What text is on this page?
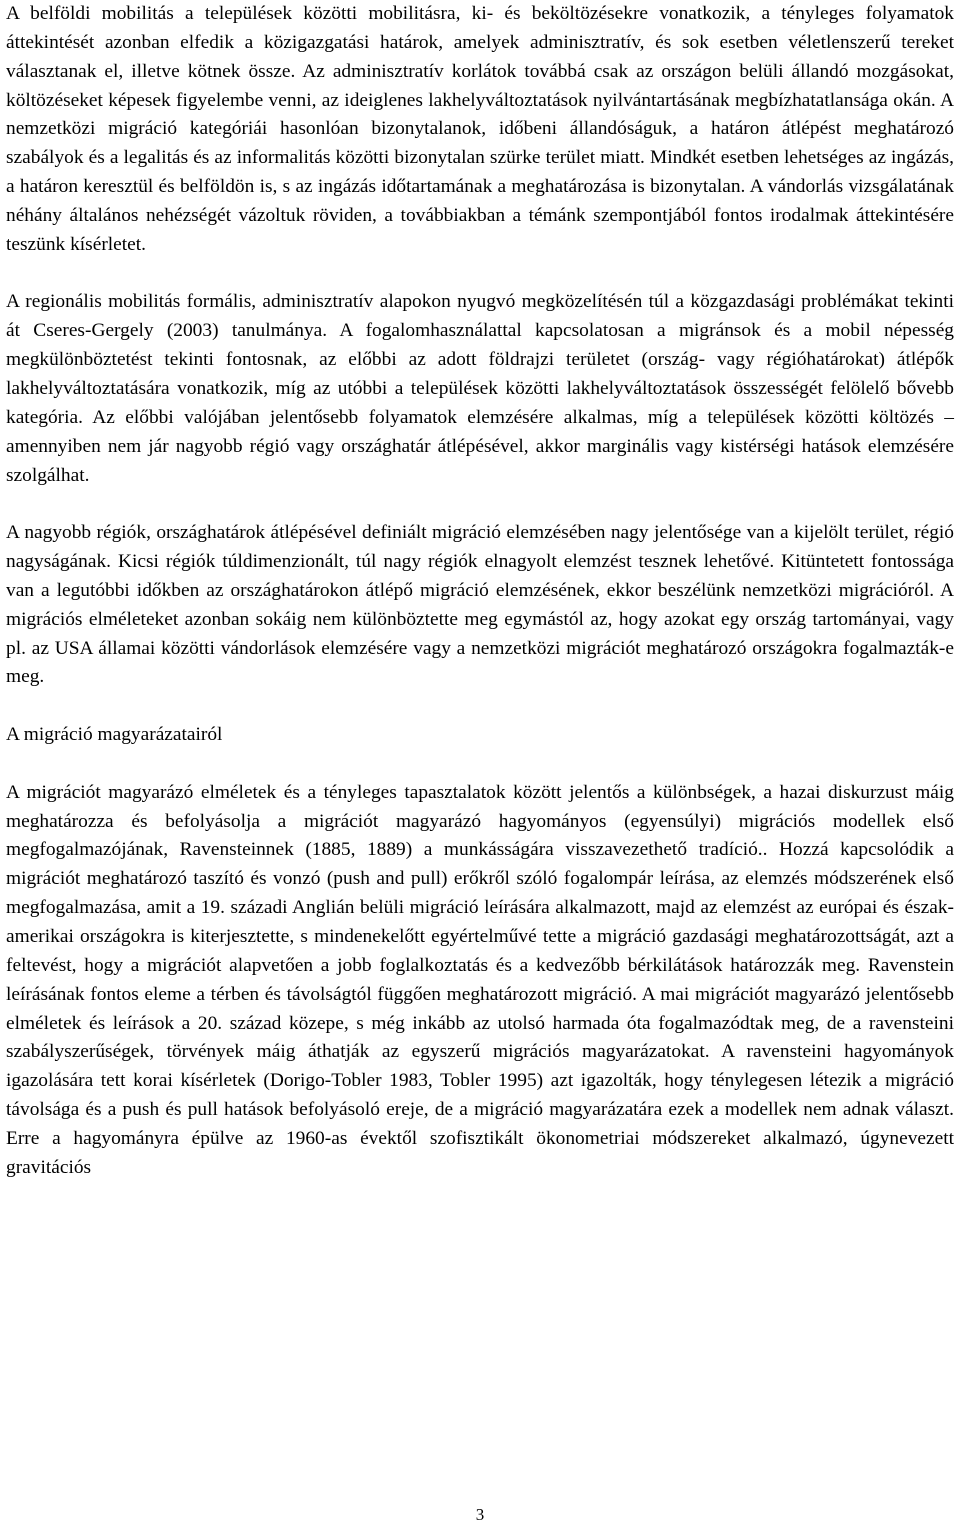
A belföldi mobilitás a települések közötti mobilitásra, ki- és beköltözésekre vonatkozik, a tényleges folyamatok áttekintését azonban elfedik a közigazgatási határok, amelyek adminisztratív, és sok esetben véletlenszerű tereket választanak el, illetve kötnek össze. Az adminisztratív korlátok továbbá csak az országon belüli állandó mozgásokat, költözéseket képesek figyelembe venni, az ideiglenes lakhelyváltoztatások nyilvántartásának megbízhatatlansága okán. A nemzetközi migráció kategóriái hasonlóan bizonytalanok, időbeni állandóságuk, a határon átlépést meghatározó szabályok és a legalitás és az informalitás közötti bizonytalan szürke terület miatt. Mindkét esetben lehetséges az ingázás, a határon keresztül és belföldön is, s az ingázás időtartamának a meghatározása is bizonytalan. A vándorlás vizsgálatának néhány általános nehézségét vázoltuk röviden, a továbbiakban a témánk szempontjából fontos irodalmak áttekintésére teszünk kísérletet.

A regionális mobilitás formális, adminisztratív alapokon nyugvó megközelítésén túl a közgazdasági problémákat tekinti át Cseres-Gergely (2003) tanulmánya. A fogalomhasználattal kapcsolatosan a migránsok és a mobil népesség megkülönböztetést tekinti fontosnak, az előbbi az adott földrajzi területet (ország- vagy régióhatárokat) átlépők lakhelyváltoztatására vonatkozik, míg az utóbbi a települések közötti lakhelyváltoztatások összességét felölelő bővebb kategória. Az előbbi valójában jelentősebb folyamatok elemzésére alkalmas, míg a települések közötti költözés – amennyiben nem jár nagyobb régió vagy országhatár átlépésével, akkor marginális vagy kistérségi hatások elemzésére szolgálhat.

A nagyobb régiók, országhatárok átlépésével definiált migráció elemzésében nagy jelentősége van a kijelölt terület, régió nagyságának. Kicsi régiók túldimenzionált, túl nagy régiók elnagyolt elemzést tesznek lehetővé. Kitüntetett fontossága van a legutóbbi időkben az országhatárokon átlépő migráció elemzésének, ekkor beszélünk nemzetközi migrációról. A migrációs elméleteket azonban sokáig nem különböztette meg egymástól az, hogy azokat egy ország tartományai, vagy pl. az USA államai közötti vándorlások elemzésére vagy a nemzetközi migrációt meghatározó országokra fogalmazták-e meg.

A migráció magyarázatairól

A migrációt magyarázó elméletek és a tényleges tapasztalatok között jelentős a különbségek, a hazai diskurzust máig meghatározza és befolyásolja a migrációt magyarázó hagyományos (egyensúlyi) migrációs modellek első megfogalmazójának, Ravensteinnek (1885, 1889) a munkásságára visszavezethető tradíció.. Hozzá kapcsolódik a migrációt meghatározó taszító és vonzó (push and pull) erőkről szóló fogalompár leírása, az elemzés módszerének első megfogalmazása, amit a 19. századi Anglián belüli migráció leírására alkalmazott, majd az elemzést az európai és észak-amerikai országokra is kiterjesztette, s mindenekelőtt egyértelművé tette a migráció gazdasági meghatározottságát, azt a feltevést, hogy a migrációt alapvetően a jobb foglalkoztatás és a kedvezőbb bérkilátások határozzák meg. Ravenstein leírásának fontos eleme a térben és távolságtól függően meghatározott migráció. A mai migrációt magyarázó jelentősebb elméletek és leírások a 20. század közepe, s még inkább az utolsó harmada óta fogalmazódtak meg, de a ravensteini szabályszerűségek, törvények máig áthatják az egyszerű migrációs magyarázatokat. A ravensteini hagyományok igazolására tett korai kísérletek (Dorigo-Tobler 1983, Tobler 1995) azt igazolták, hogy ténylegesen létezik a migráció távolsága és a push és pull hatások befolyásoló ereje, de a migráció magyarázatára ezek a modellek nem adnak választ. Erre a hagyományra épülve az 1960-as évektől szofisztikált ökonometriai módszereket alkalmazó, úgynevezett gravitációs

3
